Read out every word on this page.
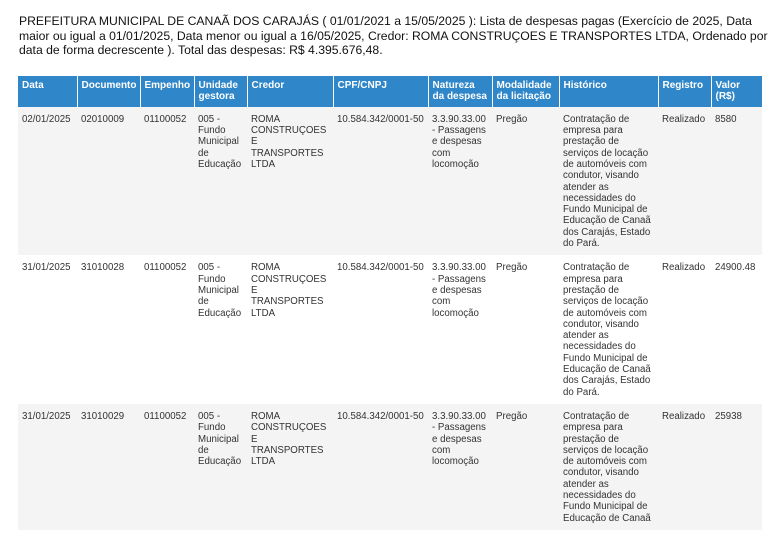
PREFEITURA MUNICIPAL DE CANAÃ DOS CARAJÁS ( 01/01/2021 a 15/05/2025 ): Lista de despesas pagas (Exercício de 2025, Data maior ou igual a 01/01/2025, Data menor ou igual a 16/05/2025, Credor: ROMA CONSTRUÇOES E TRANSPORTES LTDA, Ordenado por data de forma decrescente ). Total das despesas: R$ 4.395.676,48.
Data	Documento	Empenho	Unidade gestora	Credor	CPF/CNPJ	Natureza da despesa	Modalidade da licitação	Histórico	Registro	Valor (R$)
02/01/2025	02010009	01100052	005 - Fundo Municipal de Educação	ROMA CONSTRUÇOES E TRANSPORTES LTDA	10.584.342/0001-50	3.3.90.33.00 - Passagens e despesas com locomoção	Pregão	Contratação de empresa para prestação de serviços de locação de automóveis com condutor, visando atender as necessidades do Fundo Municipal de Educação de Canaã dos Carajás, Estado do Pará.	Realizado	8580
31/01/2025	31010028	01100052	005 - Fundo Municipal de Educação	ROMA CONSTRUÇOES E TRANSPORTES LTDA	10.584.342/0001-50	3.3.90.33.00 - Passagens e despesas com locomoção	Pregão	Contratação de empresa para prestação de serviços de locação de automóveis com condutor, visando atender as necessidades do Fundo Municipal de Educação de Canaã dos Carajás, Estado do Pará.	Realizado	24900.48
31/01/2025	31010029	01100052	005 - Fundo Municipal de Educação	ROMA CONSTRUÇOES E TRANSPORTES LTDA	10.584.342/0001-50	3.3.90.33.00 - Passagens e despesas com locomoção	Pregão	Contratação de empresa para prestação de serviços de locação de automóveis com condutor, visando atender as necessidades do Fundo Municipal de Educação de Canaã	Realizado	25938
